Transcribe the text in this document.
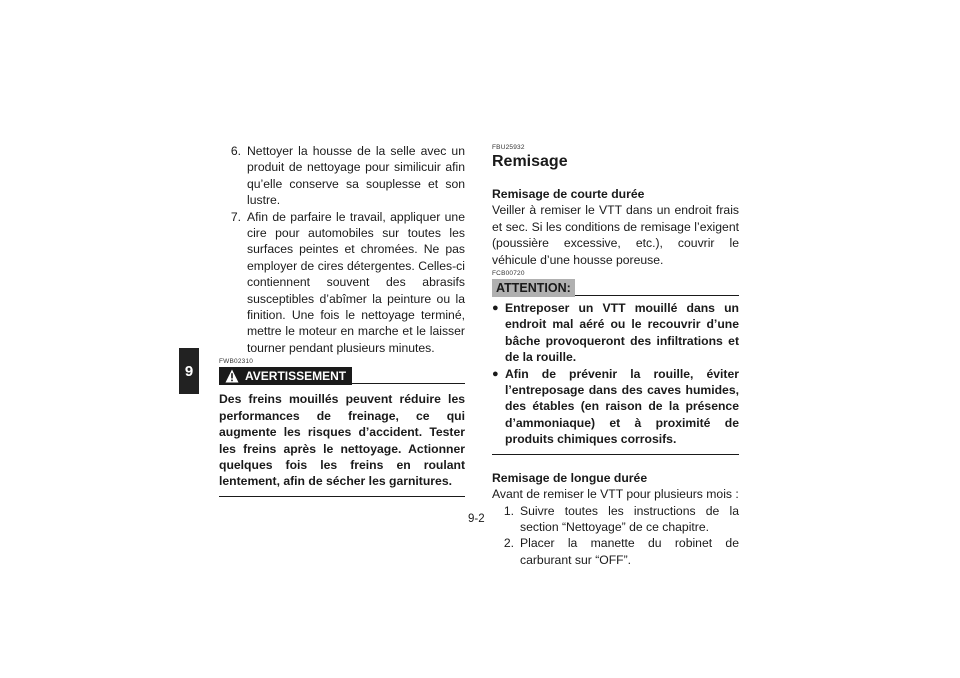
9
6. Nettoyer la housse de la selle avec un produit de nettoyage pour similicuir afin qu’elle conserve sa souplesse et son lustre.
7. Afin de parfaire le travail, appliquer une cire pour automobiles sur toutes les surfaces peintes et chromées. Ne pas employer de cires détergentes. Celles-ci contiennent souvent des abrasifs susceptibles d’abîmer la peinture ou la finition. Une fois le nettoyage terminé, mettre le moteur en marche et le laisser tourner pendant plusieurs minutes.
FWB02310
AVERTISSEMENT
Des freins mouillés peuvent réduire les performances de freinage, ce qui augmente les risques d’accident. Tester les freins après le nettoyage. Actionner quelques fois les freins en roulant lentement, afin de sécher les garnitures.
FBU25932
Remisage
Remisage de courte durée
Veiller à remiser le VTT dans un endroit frais et sec. Si les conditions de remisage l’exigent (poussière excessive, etc.), couvrir le véhicule d’une housse poreuse.
FCB00720
ATTENTION:
● Entreposer un VTT mouillé dans un endroit mal aéré ou le recouvrir d’une bâche provoqueront des infiltrations et de la rouille.
● Afin de prévenir la rouille, éviter l’entreposage dans des caves humides, des étables (en raison de la présence d’ammoniaque) et à proximité de produits chimiques corrosifs.
Remisage de longue durée
Avant de remiser le VTT pour plusieurs mois :
1. Suivre toutes les instructions de la section “Nettoyage” de ce chapitre.
2. Placer la manette du robinet de carburant sur “OFF”.
9-2
